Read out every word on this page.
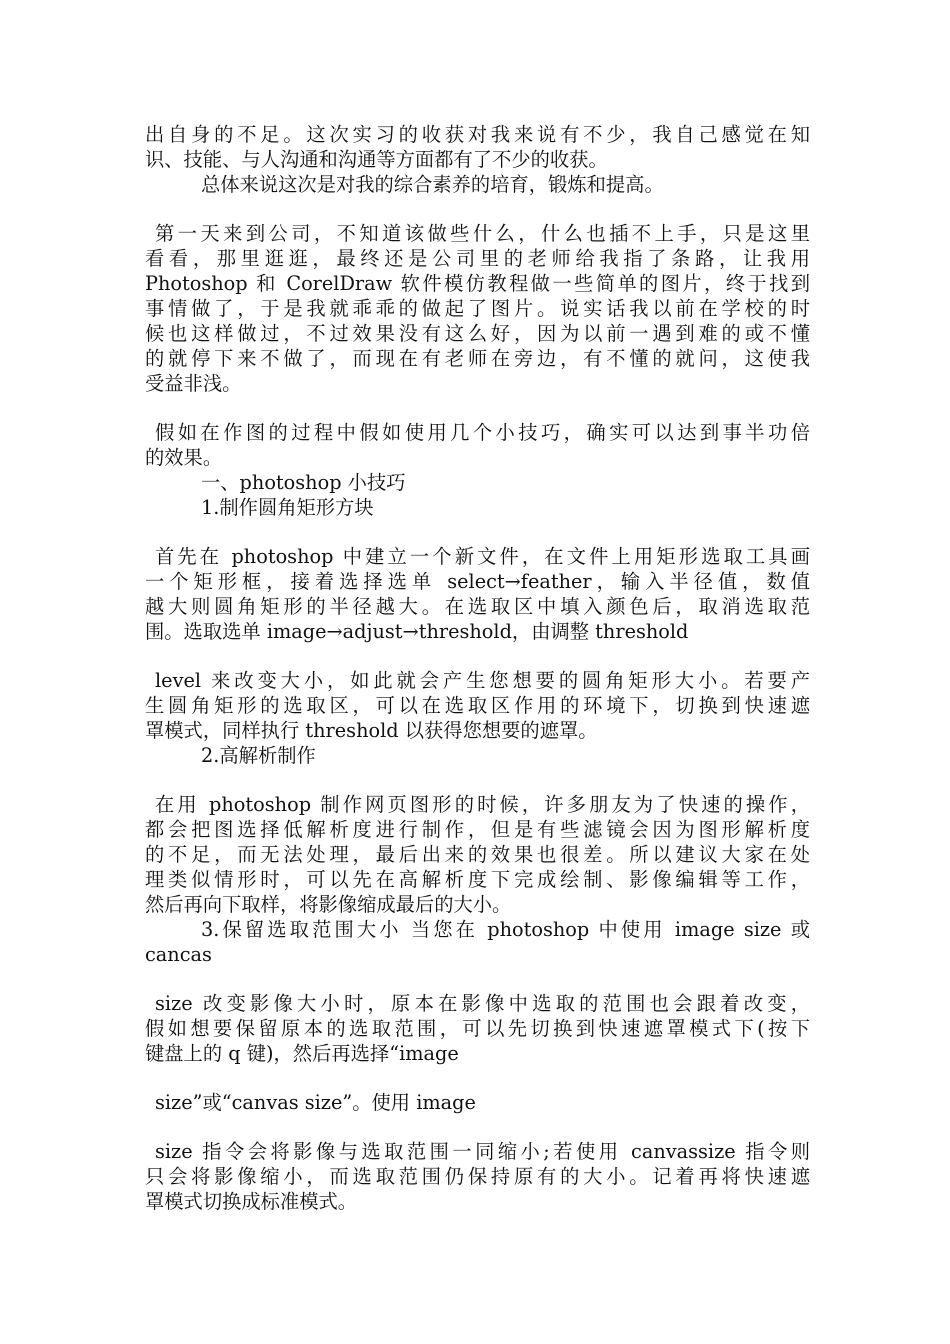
出自身的不足。这次实习的收获对我来说有不少，我自己感觉在知
识、技能、与人沟通和沟通等方面都有了不少的收获。
总体来说这次是对我的综合素养的培育，锻炼和提高。
第一天来到公司，不知道该做些什么，什么也插不上手，只是这里
看看，那里逛逛，最终还是公司里的老师给我指了条路，让我用
Photoshop 和 CorelDraw 软件模仿教程做一些简单的图片，终于找到
事情做了，于是我就乖乖的做起了图片。说实话我以前在学校的时
候也这样做过，不过效果没有这么好，因为以前一遇到难的或不懂
的就停下来不做了，而现在有老师在旁边，有不懂的就问，这使我
受益非浅。
假如在作图的过程中假如使用几个小技巧，确实可以达到事半功倍
的效果。
一、photoshop 小技巧
1.制作圆角矩形方块
首先在 photoshop 中建立一个新文件，在文件上用矩形选取工具画
一个矩形框，接着选择选单 select→feather，输入半径值，数值
越大则圆角矩形的半径越大。在选取区中填入颜色后，取消选取范
围。选取选单 image→adjust→threshold，由调整 threshold
level 来改变大小，如此就会产生您想要的圆角矩形大小。若要产
生圆角矩形的选取区，可以在选取区作用的环境下，切换到快速遮
罩模式，同样执行 threshold 以获得您想要的遮罩。
2.高解析制作
在用 photoshop 制作网页图形的时候，许多朋友为了快速的操作，
都会把图选择低解析度进行制作，但是有些滤镜会因为图形解析度
的不足，而无法处理，最后出来的效果也很差。所以建议大家在处
理类似情形时，可以先在高解析度下完成绘制、影像编辑等工作，
然后再向下取样，将影像缩成最后的大小。
3.保留选取范围大小 当您在 photoshop 中使用 image size 或
cancas
size 改变影像大小时，原本在影像中选取的范围也会跟着改变，
假如想要保留原本的选取范围，可以先切换到快速遮罩模式下(按下
键盘上的 q 键)，然后再选择“image
size”或“canvas size”。使用 image
size 指令会将影像与选取范围一同缩小;若使用 canvassize 指令则
只会将影像缩小，而选取范围仍保持原有的大小。记着再将快速遮
罩模式切换成标准模式。
